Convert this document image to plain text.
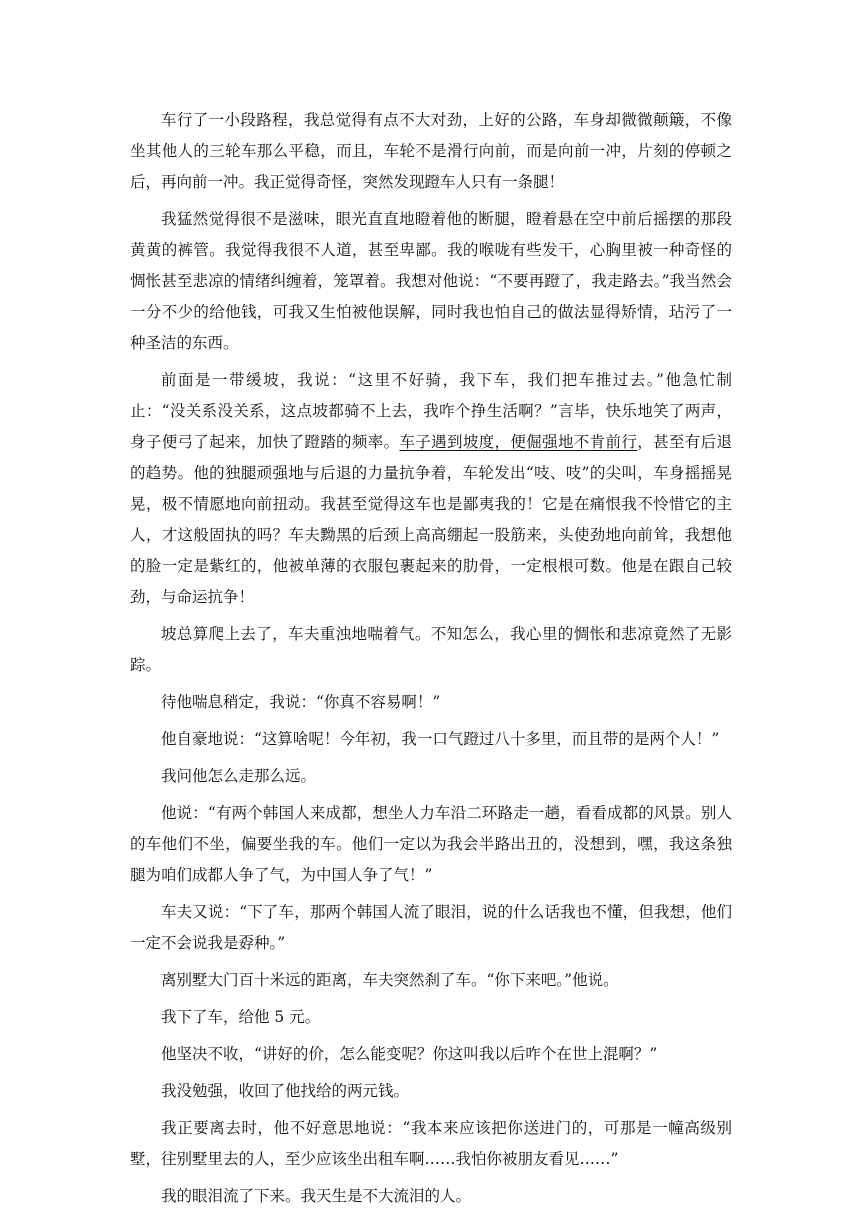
车行了一小段路程，我总觉得有点不大对劲，上好的公路，车身却微微颠簸，不像坐其他人的三轮车那么平稳，而且，车轮不是滑行向前，而是向前一冲，片刻的停顿之后，再向前一冲。我正觉得奇怪，突然发现蹬车人只有一条腿！

我猛然觉得很不是滋味，眼光直直地瞪着他的断腿，瞪着悬在空中前后摇摆的那段黄黄的裤管。我觉得我很不人道，甚至卑鄙。我的喉咙有些发干，心胸里被一种奇怪的惆怅甚至悲凉的情绪纠缠着，笼罩着。我想对他说：“不要再蹬了，我走路去。”我当然会一分不少的给他钱，可我又生怕被他误解，同时我也怕自己的做法显得矫情，玷污了一种圣洁的东西。

前面是一带缓坡，我说：“这里不好骑，我下车，我们把车推过去。”他急忙制止：“没关系没关系，这点坡都骑不上去，我咋个挣生活啊？”言毕，快乐地笑了两声，身子便弓了起来，加快了蹬踏的频率。车子遇到坡度，便倔强地不肯前行，甚至有后退的趋势。他的独腿顽强地与后退的力量抗争着，车轮发出“吱、吱”的尖叫，车身摇摇晃晃，极不情愿地向前扭动。我甚至觉得这车也是鄙夷我的！它是在痛恨我不怜惜它的主人，才这般固执的吗？车夫黝黑的后颈上高高绷起一股筋来，头使劲地向前耸，我想他的脸一定是紫红的，他被单薄的衣服包裹起来的肋骨，一定根根可数。他是在跟自己较劲，与命运抗争！

坡总算爬上去了，车夫重浊地喘着气。不知怎么，我心里的惆怅和悲凉竟然了无影踪。

待他喘息稍定，我说：“你真不容易啊！”

他自豪地说：“这算啥呢！今年初，我一口气蹬过八十多里，而且带的是两个人！”

我问他怎么走那么远。

他说：“有两个韩国人来成都，想坐人力车沿二环路走一趟，看看成都的风景。别人的车他们不坐，偏要坐我的车。他们一定以为我会半路出丑的，没想到，嘿，我这条独腿为咱们成都人争了气，为中国人争了气！”

车夫又说：“下了车，那两个韩国人流了眼泪，说的什么话我也不懂，但我想，他们一定不会说我是孬种。”

离别墅大门百十米远的距离，车夫突然刹了车。“你下来吧。”他说。

我下了车，给他 5 元。

他坚决不收，“讲好的价，怎么能变呢？你这叫我以后咋个在世上混啊？”

我没勉强，收回了他找给的两元钱。

我正要离去时，他不好意思地说：“我本来应该把你送进门的，可那是一幢高级别墅，往别墅里去的人，至少应该坐出租车啊……我怕你被朋友看见……”

我的眼泪流了下来。我天生是不大流泪的人。
